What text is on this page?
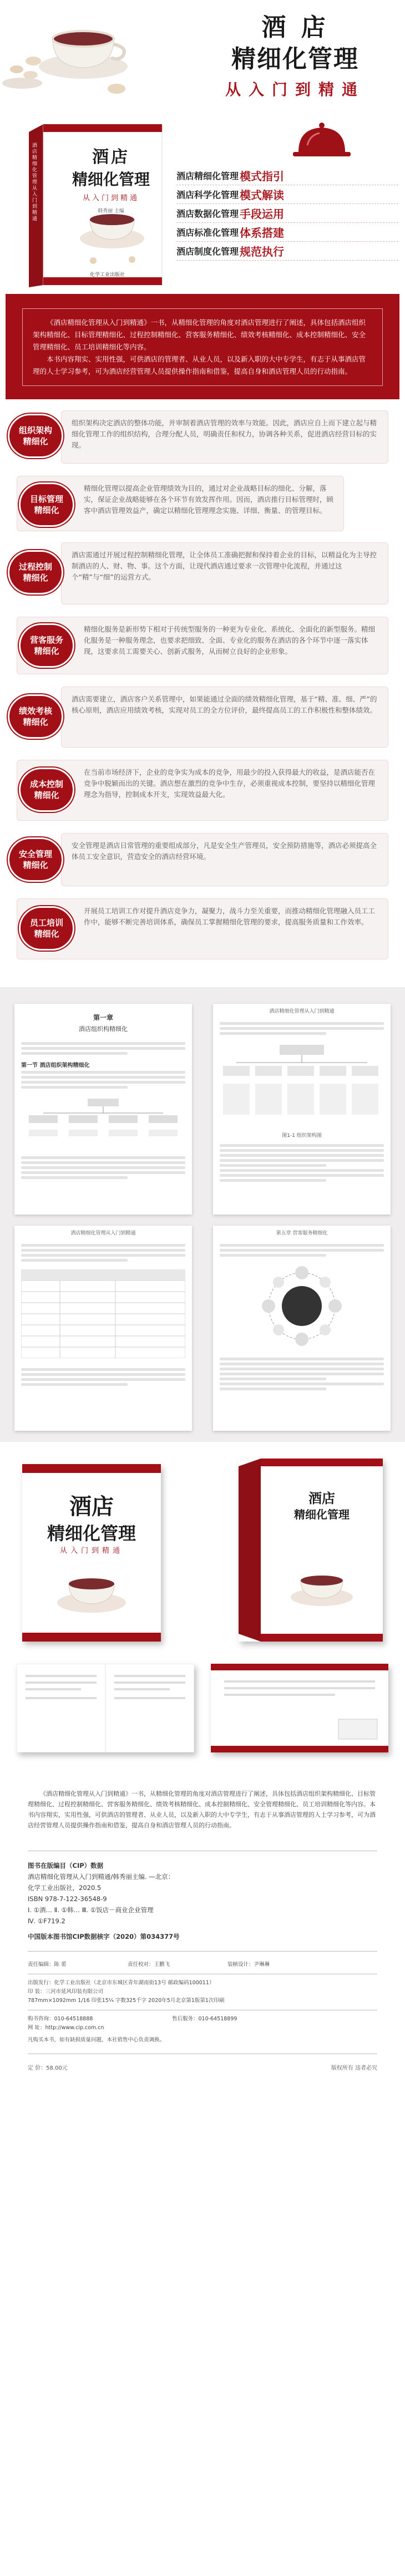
酒 店
精细化管理
从入门到精通
酒店
精细化管理
从入门到精通
韩秀丽 主编
酒店精细化管理 从入门到精通
化学工业出版社
酒店精细化管理 模式指引
酒店科学化管理 模式解读
酒店数据化管理 手段运用
酒店标准化管理 体系搭建
酒店制度化管理 规范执行

《酒店精细化管理从入门到精通》一书，从精细化管理的角度对酒店管理进行了阐述，具体包括酒店组织架构精细化、目标管理精细化、过程控制精细化、营客服务精细化、绩效考核精细化、成本控制精细化、安全管理精细化、员工培训精细化等内容。

本书内容翔实、实用性强，可供酒店的管理者、从业人员，以及新入职的大中专学生，有志于从事酒店管理的人士学习参考，可为酒店经营管理人员提供操作指南和借鉴，提高自身和酒店管理人员的行动指南。

组织架构决定酒店的整体功能，并审制着酒店管理的效率与效能。因此，酒店应自上而下建立起与精细化管理工作的组织结构，合理分配人员，明确责任和权力，协调各种关系，促进酒店经营目标的实现。

组织架构精细化

精细化管理以提高企业管理绩效为目的，通过对企业战略目标的细化、分解，落实，保证企业战略能够在各个环节有效发挥作用。因而，酒店推行目标管理时，顾客中酒店管理效益产，确定以精细化管理理念实施、详细、衡量、的管理目标。

目标管理精细化

酒店需通过开展过程控制精细化管理，让全体员工准确把握和保持着企业的目标，以精益化为主导控制酒店的人、财、物、事。这个方面，让现代酒店通过要求一次管理中化流程，并通过这个“精”与“细”的运营方式。

过程控制精细化

精细化服务是新形势下相对于传统型服务的一种更为专业化、系统化、全面化的新型服务。精细化服务是一种服务理念，也要求把细致、全面、专业化的服务在酒店的各个环节中逐一落实体现，这要求员工需要关心、创新式服务，从而树立良好的企业形象。

营客服务精细化

酒店需要建立，酒店客户关系管理中，如果能通过全面的绩效精细化管理，基于“精、准、细、严”的核心原则，酒店应用绩效考核，实现对员工的全方位评价，最终提高员工的工作积极性和整体绩效。

绩效考核精细化

在当前市场经济下，企业的竞争实为成本的竞争，用最少的投入获得最大的收益，是酒店能否在竞争中脱颖而出的关键。酒店想在激烈的竞争中生存，必须重视成本控制，要坚持以精细化管理理念为指导，控制成本开支，实现效益最大化。

成本控制精细化

安全管理是酒店日常管理的重要组成部分，凡是安全生产管理员，安全预防措施等，酒店必须提高全体员工安全意识，营造安全的酒店经营环境。

安全管理精细化

开展员工培训工作对提升酒店竞争力，凝聚力，战斗力至关重要，而推动精细化管理融入员工工作中，能够不断完善培训体系，确保员工掌握精细化管理的要求，提高服务质量和工作效率。

员工培训精细化
第一章
酒店组织构精细化
第一节 酒店组织架构精细化
酒店精细化管理从入门到精通
图1-1 组织架构图
酒店精细化管理从入门到精通	第五章 营客服务精细化
酒店
精细化管理
从入门到精通
酒店
精细化管理

《酒店精细化管理从入门到精通》一书，从精细化管理的角度对酒店管理进行了阐述，具体包括酒店组织架构精细化、目标管理精细化、过程控制精细化、营客服务精细化、绩效考核精细化、成本控制精细化、安全管理精细化、员工培训精细化等内容。本书内容翔实，实用性强，可供酒店的管理者、从业人员，以及新入职的大中专学生，有志于从事酒店管理的人士学习参考，可为酒店经营管理人员提供操作指南和借鉴，提高自身和酒店管理人员的行动指南。

图书在版编目（CIP）数据
酒店精细化管理从入门到精通/韩秀丽主编. —北京：
化学工业出版社，2020.5
ISBN 978-7-122-36548-9
Ⅰ. ①酒… Ⅱ. ①韩… Ⅲ. ①饭店－商业企业管理
Ⅳ. ①F719.2
中国版本图书馆CIP数据核字（2020）第034377号
责任编辑：陈 蕾	责任校对：王鹏飞	装帧设计：尹琳琳
出版发行：化学工业出版社（北京市东城区青年湖南街13号 邮政编码100011）
印 装：三河市延风印装有限公司
787mm×1092mm 1/16 印张15¼ 字数325千字 2020年5月北京第1版第1次印刷
购书咨询：010-64518888	售后服务：010-64518899
网 址：http://www.cip.com.cn
凡购买本书，如有缺损质量问题，本社销售中心负责调换。
定 价：58.00元	版权所有 违者必究
